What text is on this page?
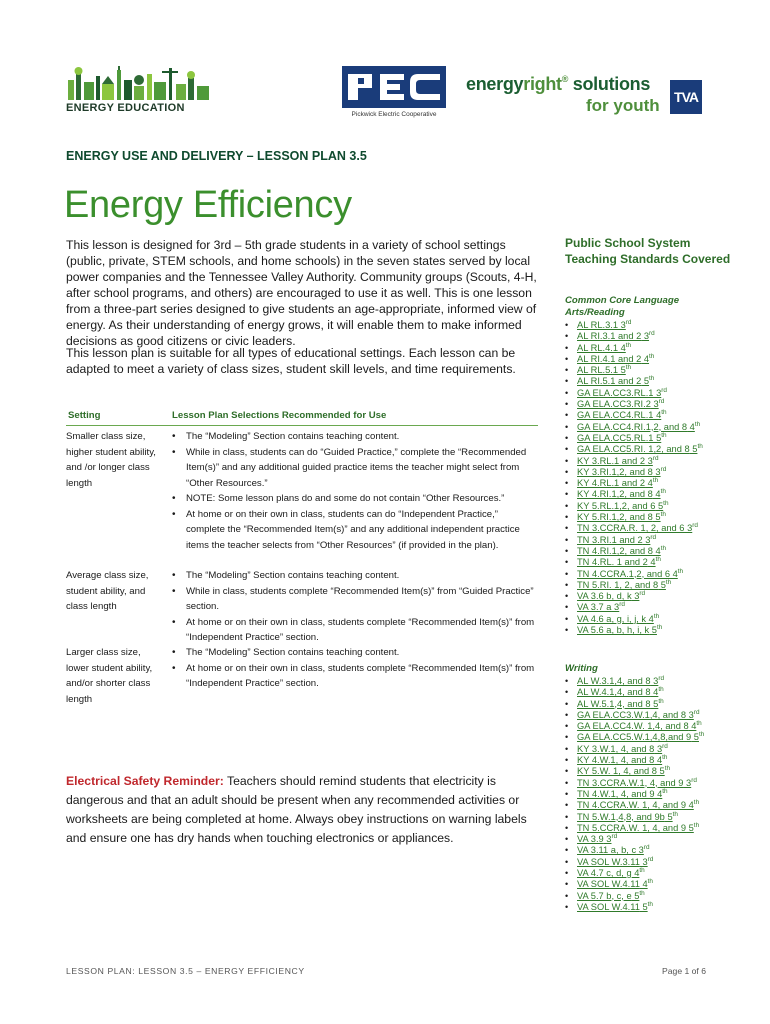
ENERGY EDUCATION
Pickwick Electric Cooperative
energyright® solutions
for youth TVA
ENERGY USE AND DELIVERY – LESSON PLAN 3.5
Energy Efficiency
This lesson is designed for 3rd – 5th grade students in a variety of school settings (public, private, STEM schools, and home schools) in the seven states served by local power companies and the Tennessee Valley Authority. Community groups (Scouts, 4-H, after school programs, and others) are encouraged to use it as well. This is one lesson from a three-part series designed to give students an age-appropriate, informed view of energy. As their understanding of energy grows, it will enable them to make informed decisions as good citizens or civic leaders.
This lesson plan is suitable for all types of educational settings. Each lesson can be adapted to meet a variety of class sizes, student skill levels, and time requirements.
Setting	Lesson Plan Selections Recommended for Use
Smaller class size, higher student ability, and /or longer class length
• The “Modeling” Section contains teaching content.
• While in class, students can do “Guided Practice,” complete the “Recommended Item(s)” and any additional guided practice items the teacher might select from “Other Resources.”
• NOTE: Some lesson plans do and some do not contain “Other Resources.”
• At home or on their own in class, students can do “Independent Practice,” complete the “Recommended Item(s)” and any additional independent practice items the teacher selects from “Other Resources” (if provided in the plan).
Average class size, student ability, and class length
• The “Modeling” Section contains teaching content.
• While in class, students complete “Recommended Item(s)” from “Guided Practice” section.
• At home or on their own in class, students complete “Recommended Item(s)” from “Independent Practice” section.
Larger class size, lower student ability, and/or shorter class length
• The “Modeling” Section contains teaching content.
• At home or on their own in class, students complete “Recommended Item(s)” from “Independent Practice” section.
Electrical Safety Reminder: Teachers should remind students that electricity is dangerous and that an adult should be present when any recommended activities or worksheets are being completed at home. Always obey instructions on warning labels and ensure one has dry hands when touching electronics or appliances.
Public School System Teaching Standards Covered
Common Core Language Arts/Reading
• AL RL.3.1 3rd
• AL RI.3.1 and 2 3rd
• AL RL.4.1 4th
• AL RI.4.1 and 2 4th
• AL RL.5.1 5th
• AL RI.5.1 and 2 5th
• GA ELA.CC3.RL.1 3rd
• GA ELA.CC3.RI.2 3rd
• GA ELA.CC4.RL.1 4th
• GA ELA.CC4.RI.1,2, and 8 4th
• GA ELA.CC5.RL.1 5th
• GA ELA.CC5.RI. 1,2, and 8 5th
• KY 3.RL.1 and 2 3rd
• KY 3.RI.1,2, and 8 3rd
• KY 4.RL.1 and 2 4th
• KY 4.RI.1,2, and 8 4th
• KY 5.RL.1,2, and 6 5th
• KY 5.RI.1,2, and 8 5th
• TN 3.CCRA.R. 1, 2, and 6 3rd
• TN 3.RI.1 and 2 3rd
• TN 4.RI.1,2, and 8 4th
• TN 4.RL. 1 and 2 4th
• TN 4.CCRA.1,2, and 6 4th
• TN 5.RI. 1, 2, and 8 5th
• VA 3.6 b, d, k 3rd
• VA 3.7 a 3rd
• VA 4.6 a, g, i, j, k 4th
• VA 5.6 a, b, h, i, k 5th
Writing
• AL W.3.1,4, and 8 3rd
• AL W.4.1,4, and 8 4th
• AL W.5.1,4, and 8 5th
• GA ELA.CC3.W.1,4, and 8 3rd
• GA ELA.CC4.W. 1,4, and 8 4th
• GA ELA.CC5.W.1,4,8,and 9 5th
• KY 3.W.1, 4, and 8 3rd
• KY 4.W.1, 4, and 8 4th
• KY 5.W. 1, 4, and 8 5th
• TN 3.CCRA.W.1, 4, and 9 3rd
• TN 4.W.1, 4, and 9 4th
• TN 4.CCRA.W. 1, 4, and 9 4th
• TN 5.W.1,4,8, and 9b 5th
• TN 5.CCRA.W. 1, 4, and 9 5th
• VA 3.9 3rd
• VA 3.11 a, b, c 3rd
• VA SOL W.3.11 3rd
• VA 4.7 c, d, g 4th
• VA SOL W.4.11 4th
• VA 5.7 b, c, e 5th
• VA SOL W.4.11 5th
LESSON PLAN: LESSON 3.5 – ENERGY EFFICIENCY	Page 1 of 6
